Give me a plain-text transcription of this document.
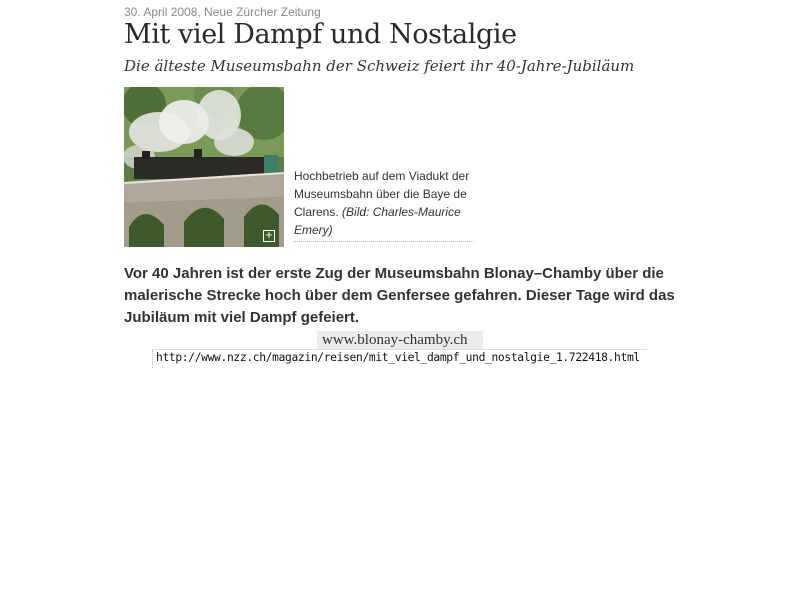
30. April 2008, Neue Zürcher Zeitung
Mit viel Dampf und Nostalgie
Die älteste Museumsbahn der Schweiz feiert ihr 40-Jahre-Jubiläum
+
Hochbetrieb auf dem Viadukt der Museumsbahn über die Baye de Clarens. (Bild: Charles-Maurice Emery)

Vor 40 Jahren ist der erste Zug der Museumsbahn Blonay–Chamby über die malerische Strecke hoch über dem Genfersee gefahren. Dieser Tage wird das Jubiläum mit viel Dampf gefeiert.

www.blonay-chamby.ch
http://www.nzz.ch/magazin/reisen/mit_viel_dampf_und_nostalgie_1.722418.html
